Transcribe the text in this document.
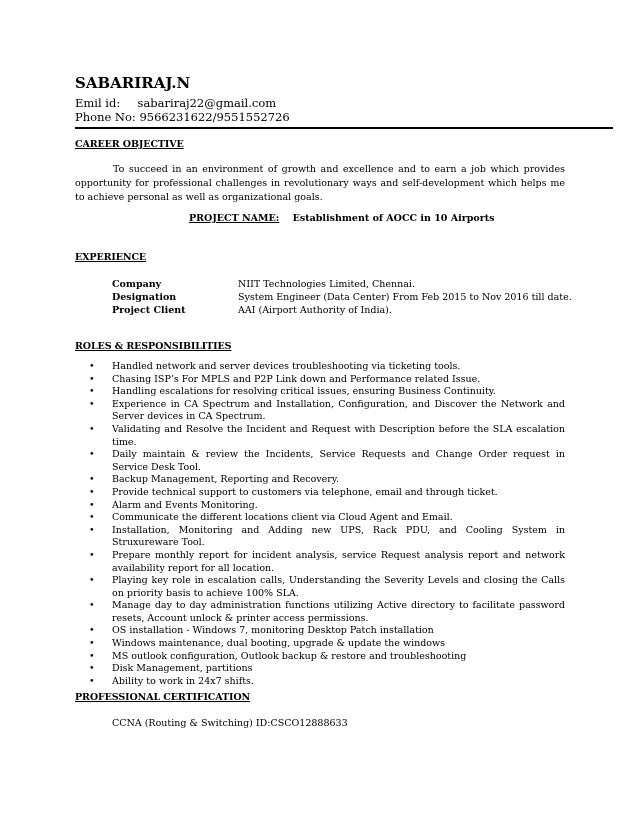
SABARIRAJ.N
Emil id: sabariraj22@gmail.com
Phone No: 9566231622/9551552726
CAREER OBJECTIVE
To succeed in an environment of growth and excellence and to earn a job which provides opportunity for professional challenges in revolutionary ways and self-development which helps me to achieve personal as well as organizational goals.
PROJECT NAME: Establishment of AOCC in 10 Airports
EXPERIENCE
Company	NIIT Technologies Limited, Chennai.
Designation	System Engineer (Data Center) From Feb 2015 to Nov 2016 till date.
Project Client	AAI (Airport Authority of India).
ROLES & RESPONSIBILITIES
• Handled network and server devices troubleshooting via ticketing tools.
• Chasing ISP’s For MPLS and P2P Link down and Performance related Issue.
• Handling escalations for resolving critical issues, ensuring Business Continuity.
• Experience in CA Spectrum and Installation, Configuration, and Discover the Network and Server devices in CA Spectrum.
• Validating and Resolve the Incident and Request with Description before the SLA escalation time.
• Daily maintain & review the Incidents, Service Requests and Change Order request in Service Desk Tool.
• Backup Management, Reporting and Recovery.
• Provide technical support to customers via telephone, email and through ticket.
• Alarm and Events Monitoring.
• Communicate the different locations client via Cloud Agent and Email.
• Installation, Monitoring and Adding new UPS, Rack PDU, and Cooling System in Struxureware Tool.
• Prepare monthly report for incident analysis, service Request analysis report and network availability report for all location.
• Playing key role in escalation calls, Understanding the Severity Levels and closing the Calls on priority basis to achieve 100% SLA.
• Manage day to day administration functions utilizing Active directory to facilitate password resets, Account unlock & printer access permissions.
• OS installation - Windows 7, monitoring Desktop Patch installation
• Windows maintenance, dual booting, upgrade & update the windows
• MS outlook configuration, Outlook backup & restore and troubleshooting
• Disk Management, partitions
• Ability to work in 24x7 shifts.
PROFESSIONAL CERTIFICATION
CCNA (Routing & Switching) ID:CSCO12888633
